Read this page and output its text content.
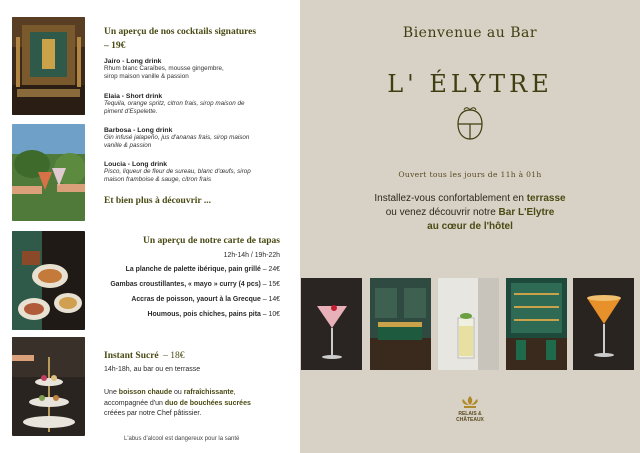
Un aperçu de nos cocktails signatures
– 19€
Jairo - Long drink
Rhum blanc Caraïbes, mousse gingembre,
sirop maison vanille & passion
Elaia - Short drink
Tequila, orange spritz, citron frais, sirop maison de
piment d'Espelette.
Barbosa - Long drink
Gin infusé jalapeño, jus d'ananas frais, sirop maison
vanille & passion
Loucia - Long drink
Pisco, liqueur de fleur de sureau, blanc d'œufs, sirop
maison framboise & sauge, citron frais
Et bien plus à découvrir ...
Un aperçu de notre carte de tapas
12h-14h / 19h-22h
La planche de palette ibérique, pain grillé – 24€
Gambas croustillantes, « mayo » curry (4 pcs) – 15€
Accras de poisson, yaourt à la Grecque – 14€
Houmous, pois chiches, pains pita – 10€
Instant Sucré – 18€
14h-18h, au bar ou en terrasse
Une boisson chaude ou rafraîchissante,
accompagnée d'un duo de bouchées sucrées
créées par notre Chef pâtissier.
L'abus d'alcool est dangereux pour la santé
Bienvenue au Bar
L' ÉLYTRE
Ouvert tous les jours de 11h à 01h
Installez-vous confortablement en terrasse
ou venez découvrir notre Bar L'Elytre
au cœur de l'hôtel
RELAIS &
CHÂTEAUX
